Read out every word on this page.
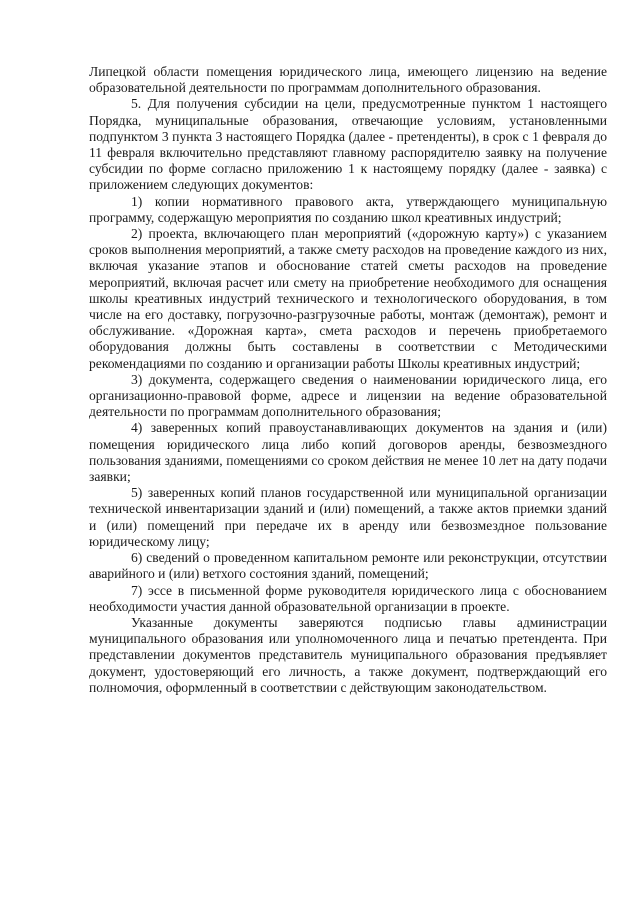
Липецкой области помещения юридического лица, имеющего лицензию на ведение образовательной деятельности по программам дополнительного образования.

5. Для получения субсидии на цели, предусмотренные пунктом 1 настоящего Порядка, муниципальные образования, отвечающие условиям, установленными подпунктом 3 пункта 3 настоящего Порядка (далее - претенденты), в срок с 1 февраля до 11 февраля включительно представляют главному распорядителю заявку на получение субсидии по форме согласно приложению 1 к настоящему порядку (далее - заявка) с приложением следующих документов:

1) копии нормативного правового акта, утверждающего муниципальную программу, содержащую мероприятия по созданию школ креативных индустрий;

2) проекта, включающего план мероприятий («дорожную карту») с указанием сроков выполнения мероприятий, а также смету расходов на проведение каждого из них, включая указание этапов и обоснование статей сметы расходов на проведение мероприятий, включая расчет или смету на приобретение необходимого для оснащения школы креативных индустрий технического и технологического оборудования, в том числе на его доставку, погрузочно-разгрузочные работы, монтаж (демонтаж), ремонт и обслуживание. «Дорожная карта», смета расходов и перечень приобретаемого оборудования должны быть составлены в соответствии с Методическими рекомендациями по созданию и организации работы Школы креативных индустрий;

3) документа, содержащего сведения о наименовании юридического лица, его организационно-правовой форме, адресе и лицензии на ведение образовательной деятельности по программам дополнительного образования;

4) заверенных копий правоустанавливающих документов на здания и (или) помещения юридического лица либо копий договоров аренды, безвозмездного пользования зданиями, помещениями со сроком действия не менее 10 лет на дату подачи заявки;

5) заверенных копий планов государственной или муниципальной организации технической инвентаризации зданий и (или) помещений, а также актов приемки зданий и (или) помещений при передаче их в аренду или безвозмездное пользование юридическому лицу;

6) сведений о проведенном капитальном ремонте или реконструкции, отсутствии аварийного и (или) ветхого состояния зданий, помещений;

7) эссе в письменной форме руководителя юридического лица с обоснованием необходимости участия данной образовательной организации в проекте.

Указанные документы заверяются подписью главы администрации муниципального образования или уполномоченного лица и печатью претендента. При представлении документов представитель муниципального образования предъявляет документ, удостоверяющий его личность, а также документ, подтверждающий его полномочия, оформленный в соответствии с действующим законодательством.
